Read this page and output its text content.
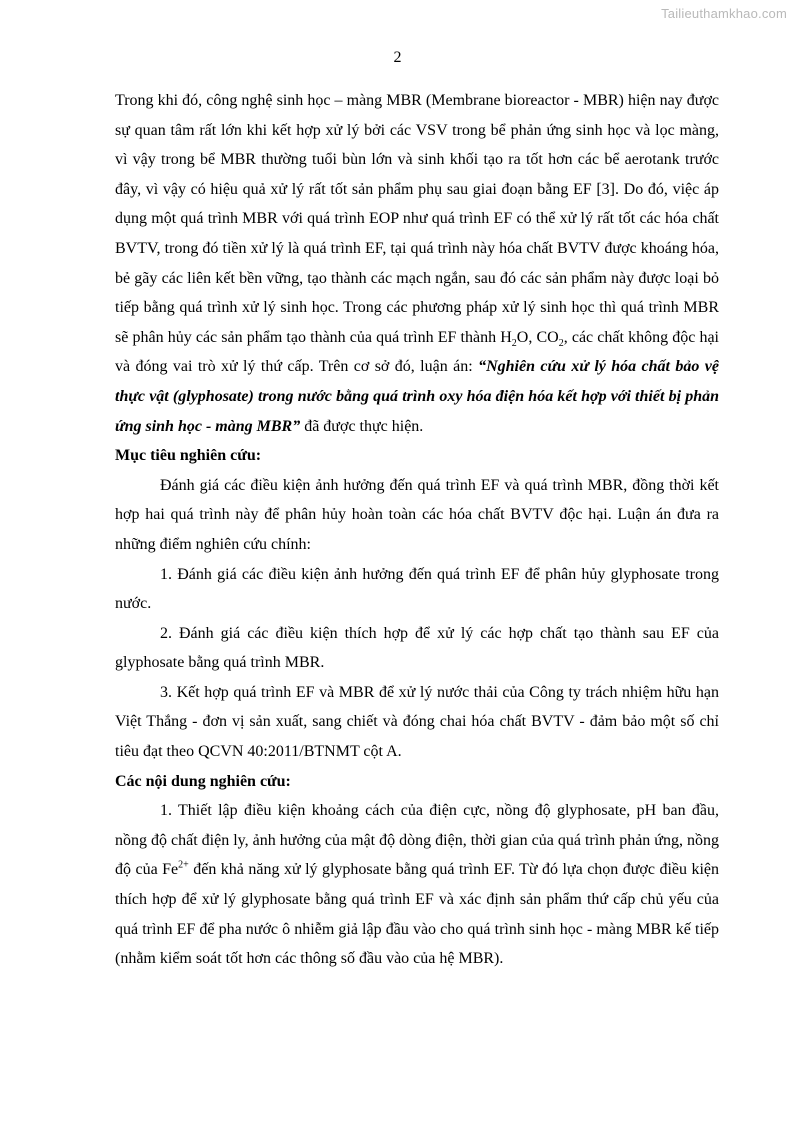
Tailieuthamkhao.com
2

Trong khi đó, công nghệ sinh học – màng MBR (Membrane bioreactor - MBR) hiện nay được sự quan tâm rất lớn khi kết hợp xử lý bởi các VSV trong bể phản ứng sinh học và lọc màng, vì vậy trong bể MBR thường tuổi bùn lớn và sinh khối tạo ra tốt hơn các bể aerotank trước đây, vì vậy có hiệu quả xử lý rất tốt sản phẩm phụ sau giai đoạn bằng EF [3]. Do đó, việc áp dụng một quá trình MBR với quá trình EOP như quá trình EF có thể xử lý rất tốt các hóa chất BVTV, trong đó tiền xử lý là quá trình EF, tại quá trình này hóa chất BVTV được khoáng hóa, bẻ gãy các liên kết bền vững, tạo thành các mạch ngắn, sau đó các sản phẩm này được loại bỏ tiếp bằng quá trình xử lý sinh học. Trong các phương pháp xử lý sinh học thì quá trình MBR sẽ phân hủy các sản phẩm tạo thành của quá trình EF thành $H_2O$, $CO_2$, các chất không độc hại và đóng vai trò xử lý thứ cấp. Trên cơ sở đó, luận án: “Nghiên cứu xử lý hóa chất bảo vệ thực vật (glyphosate) trong nước bằng quá trình oxy hóa điện hóa kết hợp với thiết bị phản ứng sinh học - màng MBR” đã được thực hiện.

Mục tiêu nghiên cứu:

Đánh giá các điều kiện ảnh hưởng đến quá trình EF và quá trình MBR, đồng thời kết hợp hai quá trình này để phân hủy hoàn toàn các hóa chất BVTV độc hại. Luận án đưa ra những điểm nghiên cứu chính:

1. Đánh giá các điều kiện ảnh hưởng đến quá trình EF để phân hủy glyphosate trong nước.

2. Đánh giá các điều kiện thích hợp để xử lý các hợp chất tạo thành sau EF của glyphosate bằng quá trình MBR.

3. Kết hợp quá trình EF và MBR để xử lý nước thải của Công ty trách nhiệm hữu hạn Việt Thắng - đơn vị sản xuất, sang chiết và đóng chai hóa chất BVTV - đảm bảo một số chỉ tiêu đạt theo QCVN 40:2011/BTNMT cột A.

Các nội dung nghiên cứu:

1. Thiết lập điều kiện khoảng cách của điện cực, nồng độ glyphosate, pH ban đầu, nồng độ chất điện ly, ảnh hưởng của mật độ dòng điện, thời gian của quá trình phản ứng, nồng độ của $Fe^{2+}$ đến khả năng xử lý glyphosate bằng quá trình EF. Từ đó lựa chọn được điều kiện thích hợp để xử lý glyphosate bằng quá trình EF và xác định sản phẩm thứ cấp chủ yếu của quá trình EF để pha nước ô nhiễm giả lập đầu vào cho quá trình sinh học - màng MBR kế tiếp (nhằm kiểm soát tốt hơn các thông số đầu vào của hệ MBR).
